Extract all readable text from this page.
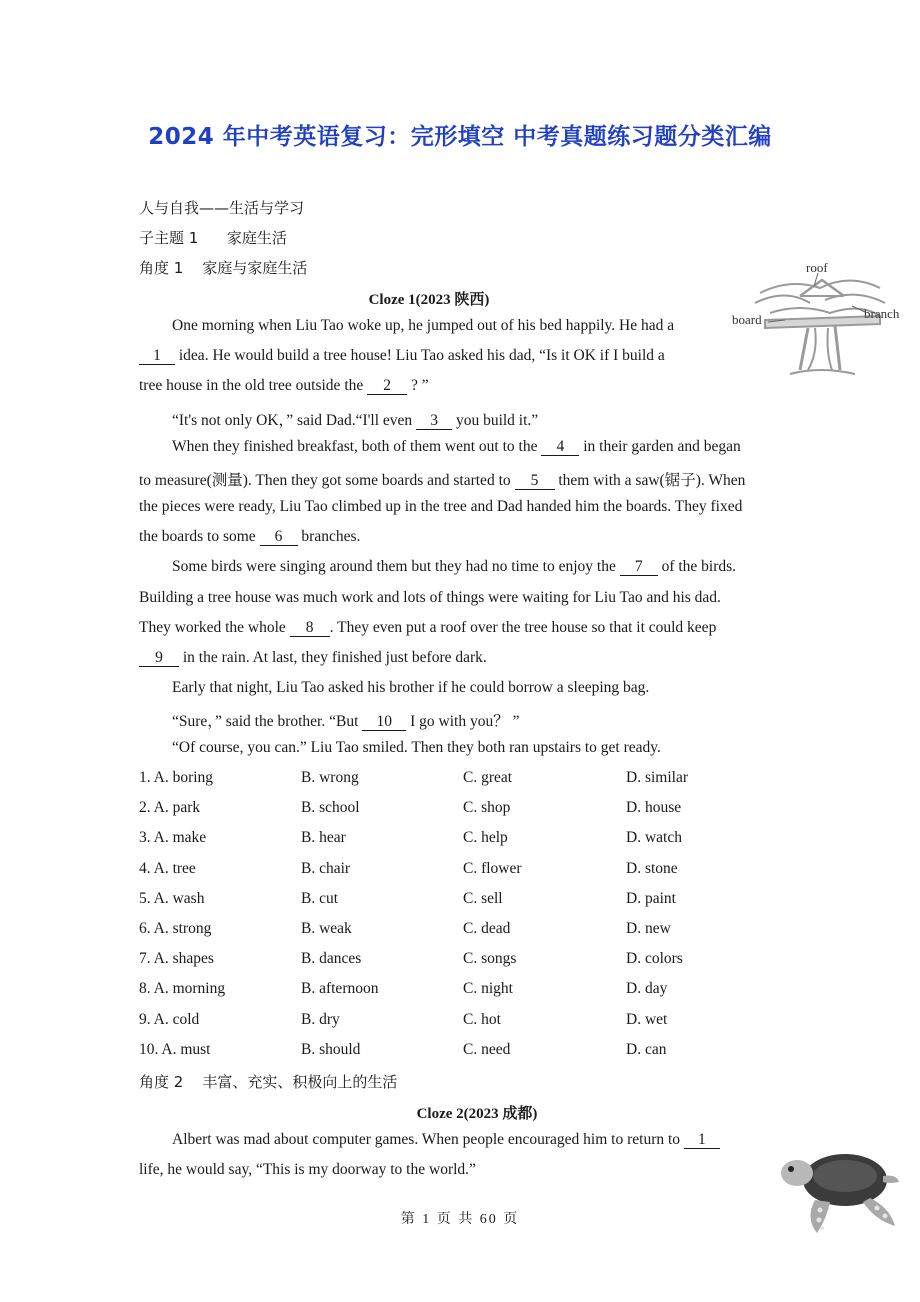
2024 年中考英语复习：完形填空 中考真题练习题分类汇编
人与自我——生活与学习
子主题 1      家庭生活
角度 1    家庭与家庭生活
Cloze 1(2023 陕西)
One morning when Liu Tao woke up, he jumped out of his bed happily. He had a
1 idea. He would build a tree house! Liu Tao asked his dad, “Is it OK if I build a
tree house in the old tree outside the 2 ? ”
“It's not only OK，” said Dad.“I'll even 3 you build it.”
When they finished breakfast, both of them went out to the 4 in their garden and began
to measure(测量). Then they got some boards and started to 5 them with a saw(锯子). When
the pieces were ready, Liu Tao climbed up in the tree and Dad handed him the boards. They fixed
the boards to some 6 branches.
Some birds were singing around them but they had no time to enjoy the 7 of the birds.
Building a tree house was much work and lots of things were waiting for Liu Tao and his dad.
They worked the whole 8 . They even put a roof over the tree house so that it could keep
9 in the rain. At last, they finished just before dark.
Early that night, Liu Tao asked his brother if he could borrow a sleeping bag.
“Sure，” said the brother. “But 10 I go with you？ ”
“Of course, you can.” Liu Tao smiled. Then they both ran upstairs to get ready.
1. A. boring	B. wrong	C. great	D. similar
2. A. park	B. school	C. shop	D. house
3. A. make	B. hear	C. help	D. watch
4. A. tree	B. chair	C. flower	D. stone
5. A. wash	B. cut	C. sell	D. paint
6. A. strong	B. weak	C. dead	D. new
7. A. shapes	B. dances	C. songs	D. colors
8. A. morning	B. afternoon	C. night	D. day
9. A. cold	B. dry	C. hot	D. wet
10. A. must	B. should	C. need	D. can
角度 2    丰富、充实、积极向上的生活
Cloze 2(2023 成都)
Albert was mad about computer games. When people encouraged him to return to 1
life, he would say, “This is my doorway to the world.”
roof
board	branch
第 1 页 共 60 页
